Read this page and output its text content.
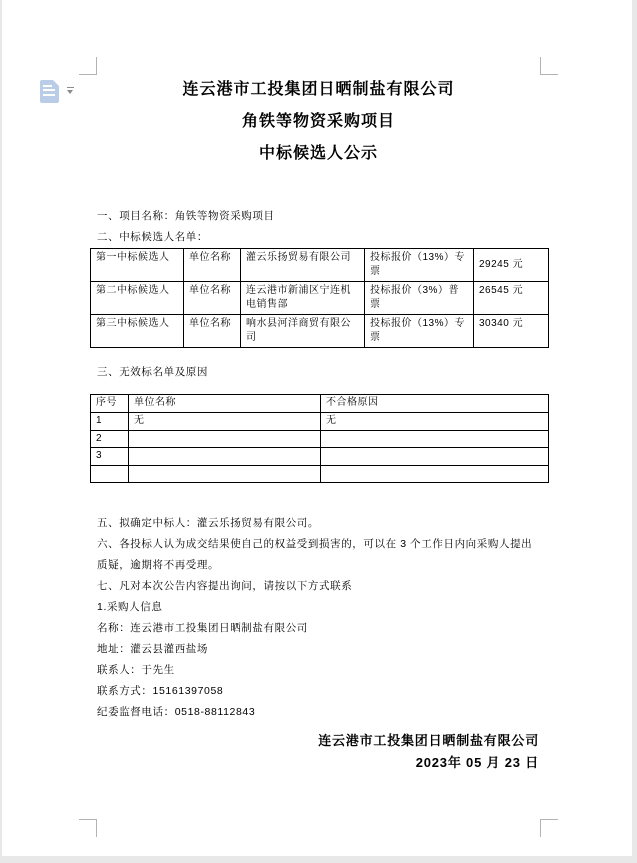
连云港市工投集团日晒制盐有限公司
角铁等物资采购项目
中标候选人公示
一、项目名称：角铁等物资采购项目
二、中标候选人名单：
第一中标候选人	单位名称	灌云乐扬贸易有限公司	投标报价（13%）专票	29245 元
第二中标候选人	单位名称	连云港市新浦区宁连机电销售部	投标报价（3%）普票	26545 元
第三中标候选人	单位名称	响水县河洋商贸有限公司	投标报价（13%）专票	30340 元
三、无效标名单及原因
序号	单位名称	不合格原因
1	无	无
2		
3		

五、拟确定中标人：灌云乐扬贸易有限公司。
六、各投标人认为成交结果使自己的权益受到损害的，可以在 3 个工作日内向采购人提出质疑，逾期将不再受理。
七、凡对本次公告内容提出询问，请按以下方式联系
1.采购人信息
名称：连云港市工投集团日晒制盐有限公司
地址：灌云县灌西盐场
联系人：于先生
联系方式：15161397058
纪委监督电话：0518-88112843
连云港市工投集团日晒制盐有限公司
2023年 05 月 23 日
